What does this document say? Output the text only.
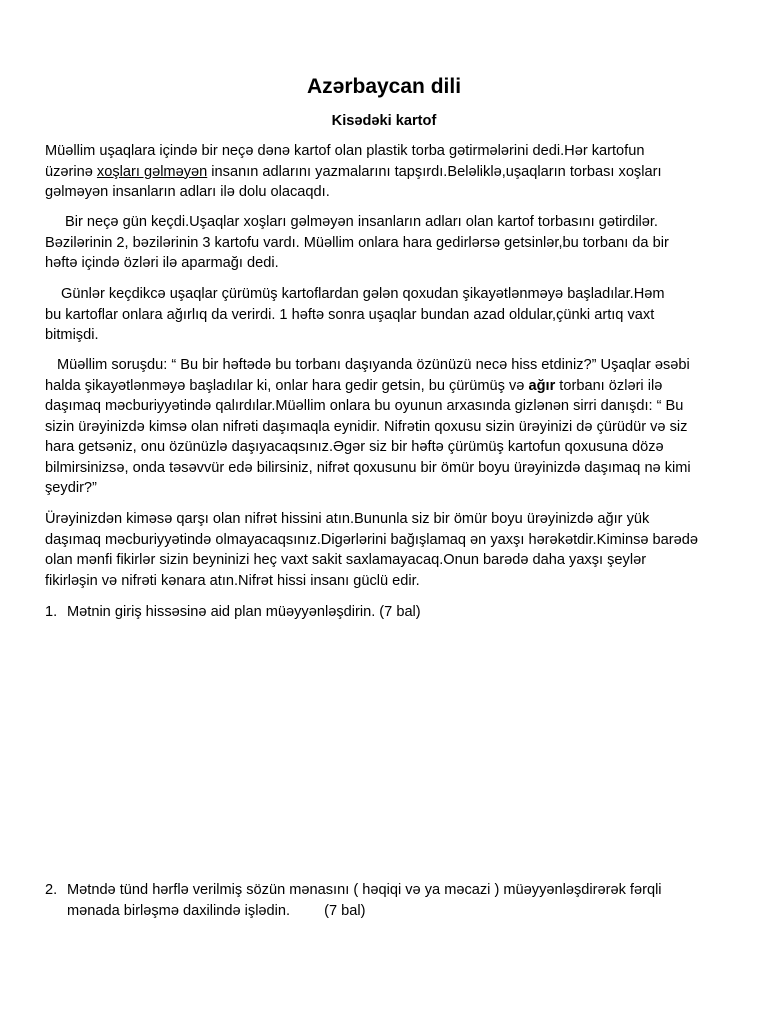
Azərbaycan dili
Kisədəki kartof
Müəllim uşaqlara içində bir neçə dənə kartof olan plastik torba gətirmələrini dedi.Hər kartofun
üzərinə xoşları gəlməyən insanın adlarını yazmalarını tapşırdı.Beləliklə,uşaqların torbası xoşları
gəlməyən insanların adları ilə dolu olacaqdı.
Bir neçə gün keçdi.Uşaqlar xoşları gəlməyən insanların adları olan kartof torbasını gətirdilər.
Bəzilərinin 2, bəzilərinin 3 kartofu vardı. Müəllim onlara hara gedirlərsə getsinlər,bu torbanı da bir
həftə içində özləri ilə aparmağı dedi.
Günlər keçdikcə uşaqlar çürümüş kartoflardan gələn qoxudan şikayətlənməyə başladılar.Həm
bu kartoflar onlara ağırlıq da verirdi. 1 həftə sonra uşaqlar bundan azad oldular,çünki artıq vaxt
bitmişdi.
Müəllim soruşdu: “ Bu bir həftədə bu torbanı daşıyanda özünüzü necə hiss etdiniz?” Uşaqlar əsəbi
halda şikayətlənməyə başladılar ki, onlar hara gedir getsin, bu çürümüş və ağır torbanı özləri ilə
daşımaq məcburiyyətində qalırdılar.Müəllim onlara bu oyunun arxasında gizlənən sirri danışdı: “ Bu
sizin ürəyinizdə kimsə olan nifrəti daşımaqla eynidir. Nifrətin qoxusu sizin ürəyinizi də çürüdür və siz
hara getsəniz, onu özünüzlə daşıyacaqsınız.Əgər siz bir həftə çürümüş kartofun qoxusuna dözə
bilmirsinizsə, onda təsəvvür edə bilirsiniz, nifrət qoxusunu bir ömür boyu ürəyinizdə daşımaq nə kimi
şeydir?”
Ürəyinizdən kiməsə qarşı olan nifrət hissini atın.Bununla siz bir ömür boyu ürəyinizdə ağır yük
daşımaq məcburiyyətində olmayacaqsınız.Digərlərini bağışlamaq ən yaxşı hərəkətdir.Kiminsə barədə
olan mənfi fikirlər sizin beyninizi heç vaxt sakit saxlamayacaq.Onun barədə daha yaxşı şeylər
fikirləşin və nifrəti kənara atın.Nifrət hissi insanı güclü edir.
1. Mətnin giriş hissəsinə aid plan müəyyənləşdirin. (7 bal)
2. Mətndə tünd hərflə verilmiş sözün mənasını ( həqiqi və ya məcazi ) müəyyənləşdirərək fərqli
mənada birləşmə daxilində işlədin. (7 bal)
